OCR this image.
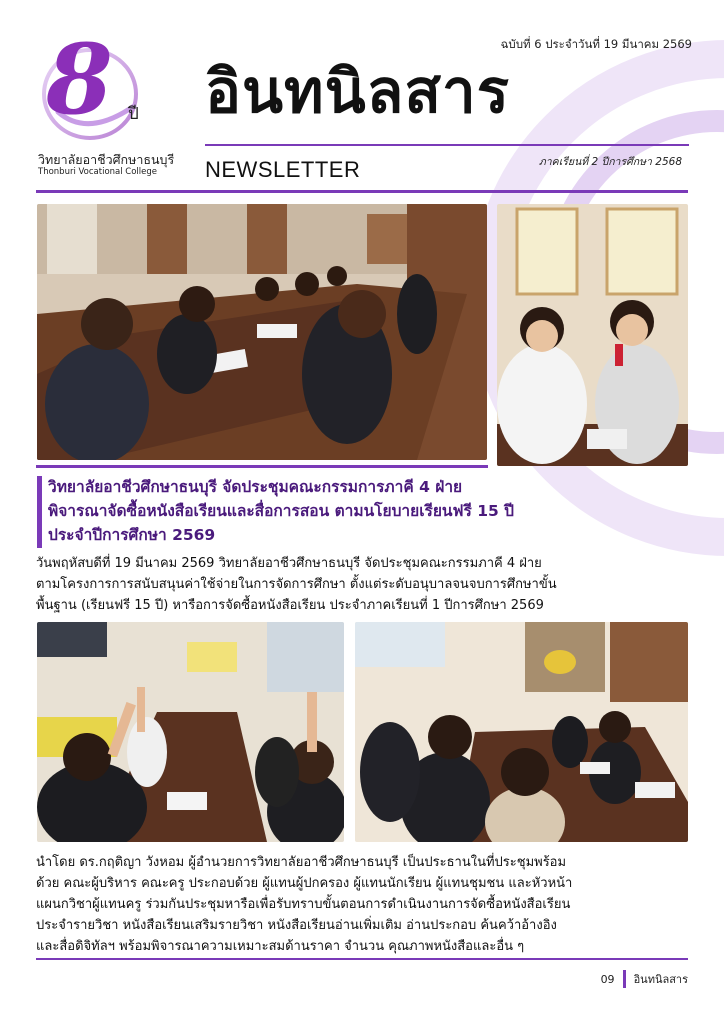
8 ปี
วิทยาลัยอาชีวศึกษาธนบุรี
Thonburi Vocational College
ฉบับที่ 6 ประจำวันที่ 19 มีนาคม 2569
อินทนิลสาร
NEWSLETTER	ภาคเรียนที่ 2 ปีการศึกษา 2568
วิทยาลัยอาชีวศึกษาธนบุรี จัดประชุมคณะกรรมการภาคี 4 ฝ่าย
พิจารณาจัดซื้อหนังสือเรียนและสื่อการสอน ตามนโยบายเรียนฟรี 15 ปี
ประจำปีการศึกษา 2569
วันพฤหัสบดีที่ 19 มีนาคม 2569 วิทยาลัยอาชีวศึกษาธนบุรี จัดประชุมคณะกรรมภาคี 4 ฝ่าย
ตามโครงการการสนับสนุนค่าใช้จ่ายในการจัดการศึกษา ตั้งแต่ระดับอนุบาลจนจบการศึกษาขั้น
พื้นฐาน (เรียนฟรี 15 ปี) หารือการจัดซื้อหนังสือเรียน ประจำภาคเรียนที่ 1 ปีการศึกษา 2569
นำโดย ดร.กฤติญา วังหอม ผู้อำนวยการวิทยาลัยอาชีวศึกษาธนบุรี เป็นประธานในที่ประชุมพร้อม
ด้วย คณะผู้บริหาร คณะครู ประกอบด้วย ผู้แทนผู้ปกครอง ผู้แทนนักเรียน ผู้แทนชุมชน และหัวหน้า
แผนกวิชาผู้แทนครู ร่วมกันประชุมหารือเพื่อรับทราบขั้นตอนการดำเนินงานการจัดซื้อหนังสือเรียน
ประจำรายวิชา หนังสือเรียนเสริมรายวิชา หนังสือเรียนอ่านเพิ่มเติม อ่านประกอบ ค้นคว้าอ้างอิง
และสื่อดิจิทัลฯ พร้อมพิจารณาความเหมาะสมด้านราคา จำนวน คุณภาพหนังสือและอื่น ๆ
09 อินทนิลสาร
